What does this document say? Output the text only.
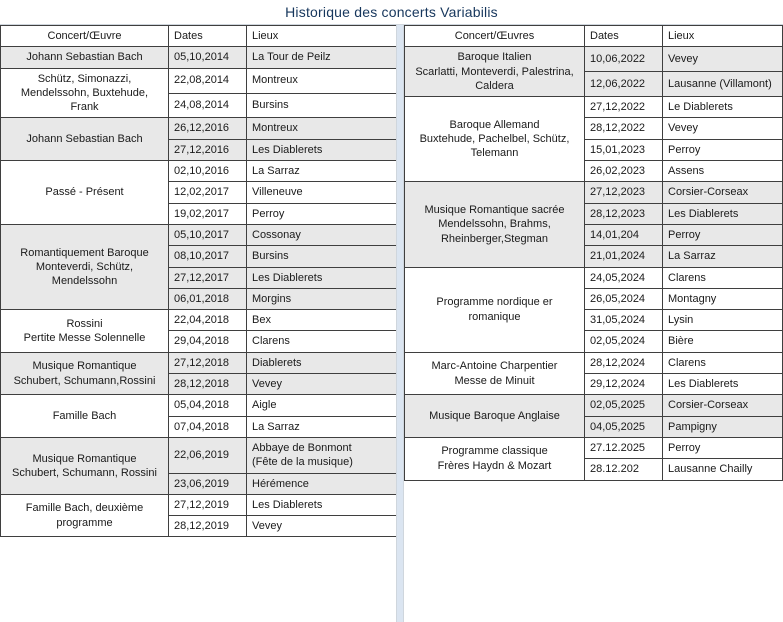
Historique des concerts Variabilis
Concert/Œuvre	Dates	Lieux
Johann Sebastian Bach	05,10,2014	La Tour de Peilz
Schütz, Simonazzi, Mendelssohn, Buxtehude, Frank	22,08,2014	Montreux
	24,08,2014	Bursins
Johann Sebastian Bach	26,12,2016	Montreux
	27,12,2016	Les Diablerets
Passé - Présent	02,10,2016	La Sarraz
	12,02,2017	Villeneuve
	19,02,2017	Perroy
Romantiquement Baroque
Monteverdi, Schütz, Mendelssohn	05,10,2017	Cossonay
	08,10,2017	Bursins
	27,12,2017	Les Diablerets
	06,01,2018	Morgins
Rossini
Pertite Messe Solennelle	22,04,2018	Bex
	29,04,2018	Clarens
Musique Romantique
Schubert, Schumann,Rossini	27,12,2018	Diablerets
	28,12,2018	Vevey
Famille Bach	05,04,2018	Aigle
	07,04,2018	La Sarraz
Musique Romantique
Schubert, Schumann, Rossini	22,06,2019	Abbaye de Bonmont
(Fête de la musique)
	23,06,2019	Hérémence
Famille Bach, deuxième programme	27,12,2019	Les Diablerets
	28,12,2019	Vevey
Concert/Œuvres	Dates	Lieux
Baroque Italien
Scarlatti, Monteverdi, Palestrina, Caldera	10,06,2022	Vevey
	12,06,2022	Lausanne (Villamont)
Baroque Allemand
Buxtehude, Pachelbel, Schütz, Telemann	27,12,2022	Le Diablerets
	28,12,2022	Vevey
	15,01,2023	Perroy
	26,02,2023	Assens
Musique Romantique sacrée
Mendelssohn, Brahms, Rheinberger,Stegman	27,12,2023	Corsier-Corseax
	28,12,2023	Les Diablerets
	14,01,204	Perroy
	21,01,2024	La Sarraz
Programme nordique er romanique	24,05,2024	Clarens
	26,05,2024	Montagny
	31,05,2024	Lysin
	02,05,2024	Bière
Marc-Antoine Charpentier
Messe de Minuit	28,12,2024	Clarens
	29,12,2024	Les Diablerets
Musique Baroque Anglaise	02,05,2025	Corsier-Corseax
	04,05,2025	Pampigny
Programme classique
Frères Haydn & Mozart	27.12.2025	Perroy
	28.12.202	Lausanne Chailly
